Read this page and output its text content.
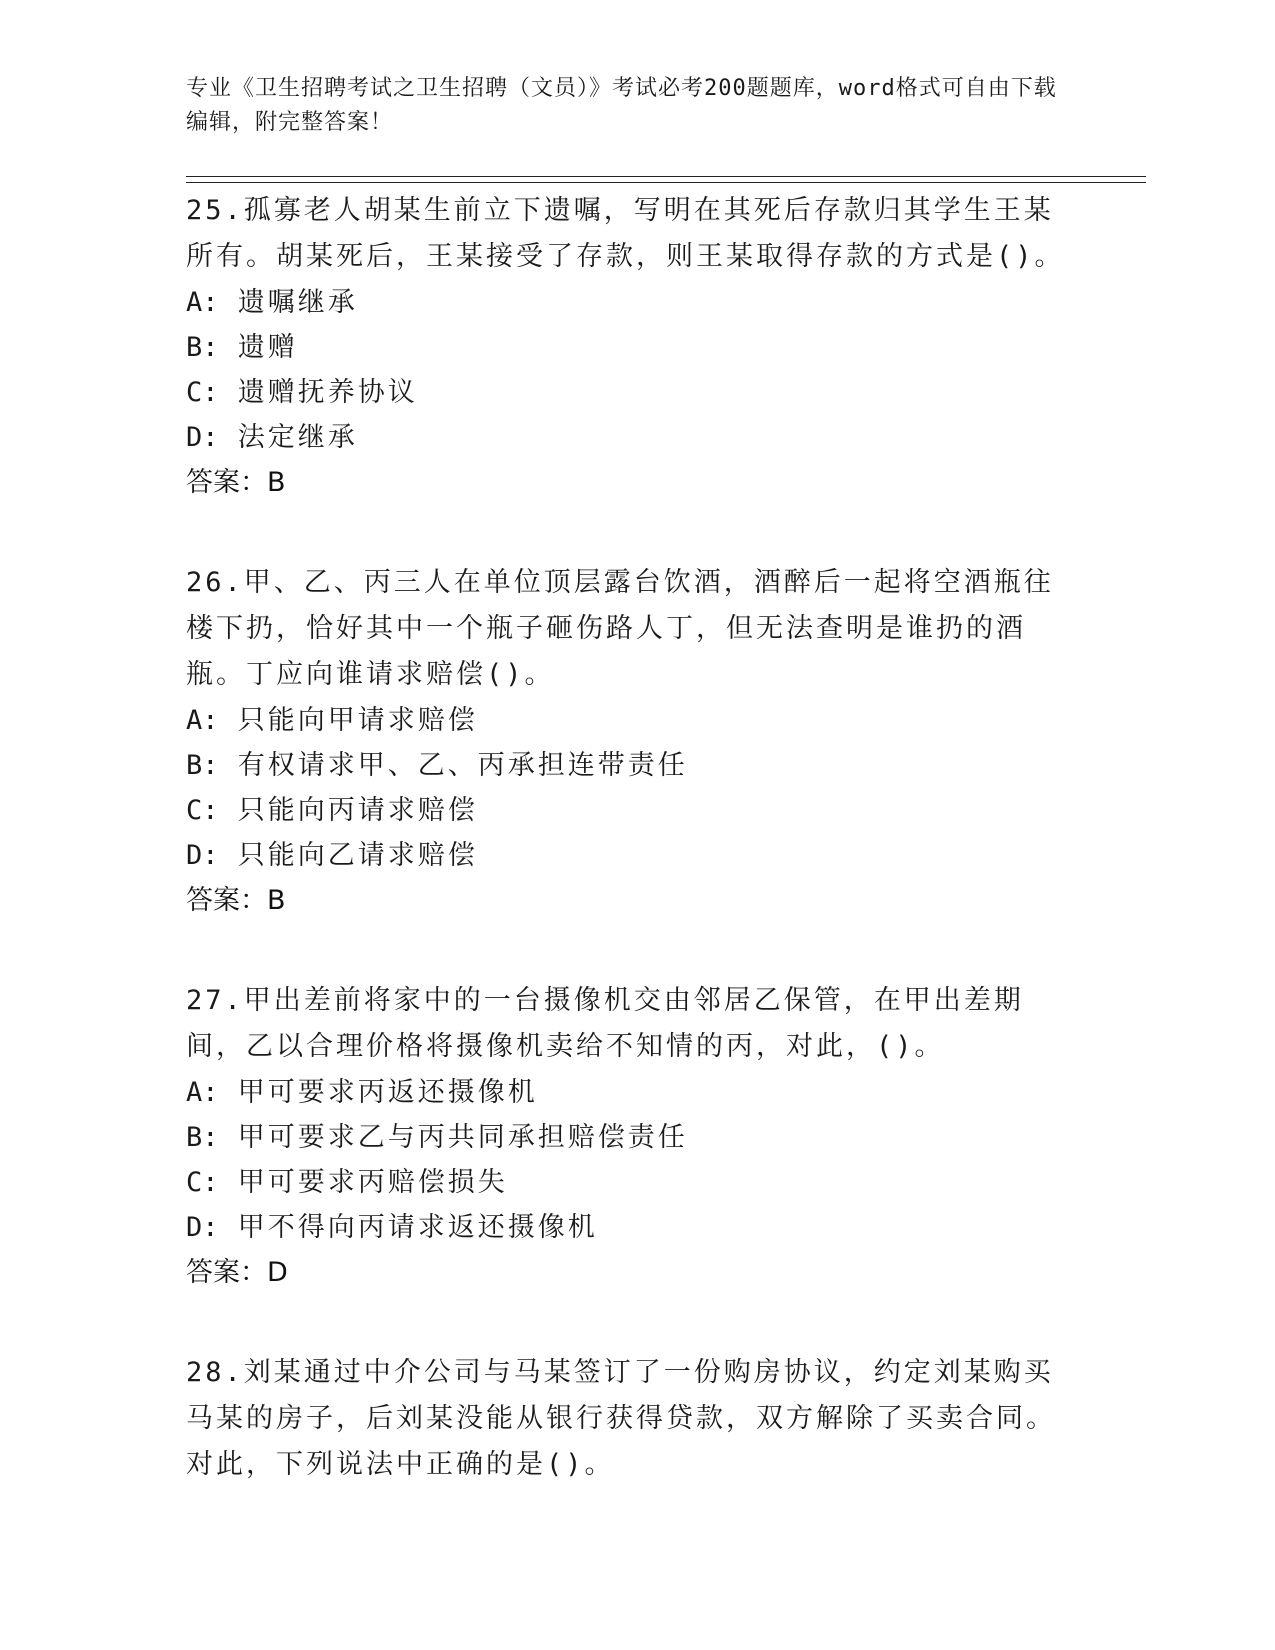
专业《卫生招聘考试之卫生招聘（文员）》考试必考200题题库，word格式可自由下载编辑，附完整答案！
25.孤寡老人胡某生前立下遗嘱，写明在其死后存款归其学生王某所有。胡某死后，王某接受了存款，则王某取得存款的方式是()。
A: 遗嘱继承
B: 遗赠
C: 遗赠抚养协议
D: 法定继承
答案：B
26.甲、乙、丙三人在单位顶层露台饮酒，酒醉后一起将空酒瓶往楼下扔，恰好其中一个瓶子砸伤路人丁，但无法查明是谁扔的酒瓶。丁应向谁请求赔偿()。
A: 只能向甲请求赔偿
B: 有权请求甲、乙、丙承担连带责任
C: 只能向丙请求赔偿
D: 只能向乙请求赔偿
答案：B
27.甲出差前将家中的一台摄像机交由邻居乙保管，在甲出差期间，乙以合理价格将摄像机卖给不知情的丙，对此，()。
A: 甲可要求丙返还摄像机
B: 甲可要求乙与丙共同承担赔偿责任
C: 甲可要求丙赔偿损失
D: 甲不得向丙请求返还摄像机
答案：D
28.刘某通过中介公司与马某签订了一份购房协议，约定刘某购买马某的房子，后刘某没能从银行获得贷款，双方解除了买卖合同。对此，下列说法中正确的是()。
